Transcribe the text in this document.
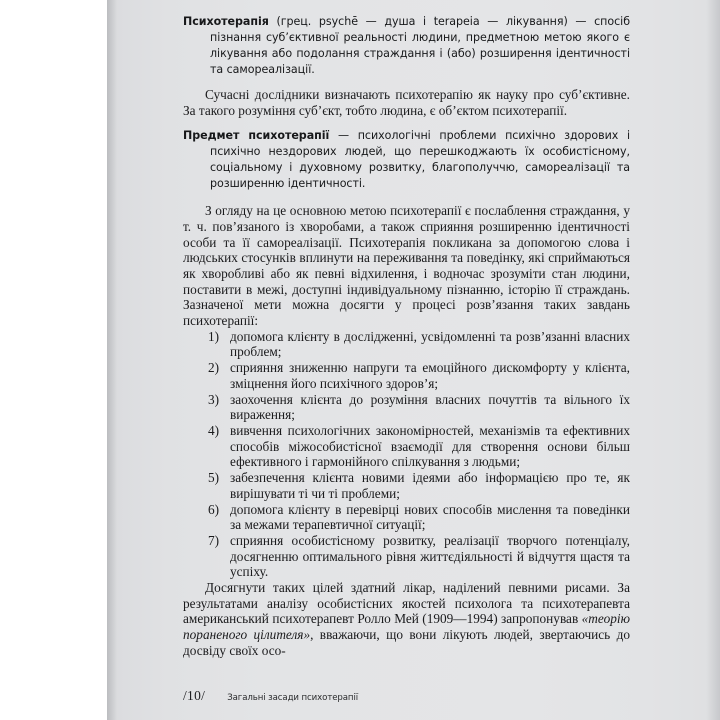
Психотерапія (грец. psychē — душа і terapeia — лікування) — спосіб пізнання суб’єктивної реальності людини, предметною метою якого є лікування або подолання страждання і (або) розширення ідентичності та самореалізації.

Сучасні дослідники визначають психотерапію як науку про суб’єктивне. За такого розуміння суб’єкт, тобто людина, є об’єктом психотерапії.

Предмет психотерапії — психологічні проблеми психічно здорових і психічно нездорових людей, що перешкоджають їх особистісному, соціальному і духовному розвитку, благополуччю, самореалізації та розширенню ідентичності.

З огляду на це основною метою психотерапії є послаблення страждання, у т. ч. пов’язаного із хворобами, а також сприяння розширенню ідентичності особи та її самореалізації. Психотерапія покликана за допомогою слова і людських стосунків вплинути на переживання та поведінку, які сприймаються як хворобливі або як певні відхилення, і водночас зрозуміти стан людини, поставити в межі, доступні індивідуальному пізнанню, історію її страждань. Зазначеної мети можна досягти у процесі розв’язання таких завдань психотерапії:

1) допомога клієнту в дослідженні, усвідомленні та розв’язанні власних проблем;
2) сприяння зниженню напруги та емоційного дискомфорту у клієнта, зміцнення його психічного здоров’я;
3) заохочення клієнта до розуміння власних почуттів та вільного їх вираження;
4) вивчення психологічних закономірностей, механізмів та ефективних способів міжособистісної взаємодії для створення основи більш ефективного і гармонійного спілкування з людьми;
5) забезпечення клієнта новими ідеями або інформацією про те, як вирішувати ті чи ті проблеми;
6) допомога клієнту в перевірці нових способів мислення та поведінки за межами терапевтичної ситуації;
7) сприяння особистісному розвитку, реалізації творчого потенціалу, досягненню оптимального рівня життєдіяльності й відчуття щастя та успіху.

Досягнути таких цілей здатний лікар, наділений певними рисами. За результатами аналізу особистісних якостей психолога та психотерапевта американський психотерапевт Ролло Мей (1909—1994) запропонував «теорію пораненого цілителя», вважаючи, що вони лікують людей, звертаючись до досвіду своїх осо-

/10/	Загальні засади психотерапії
